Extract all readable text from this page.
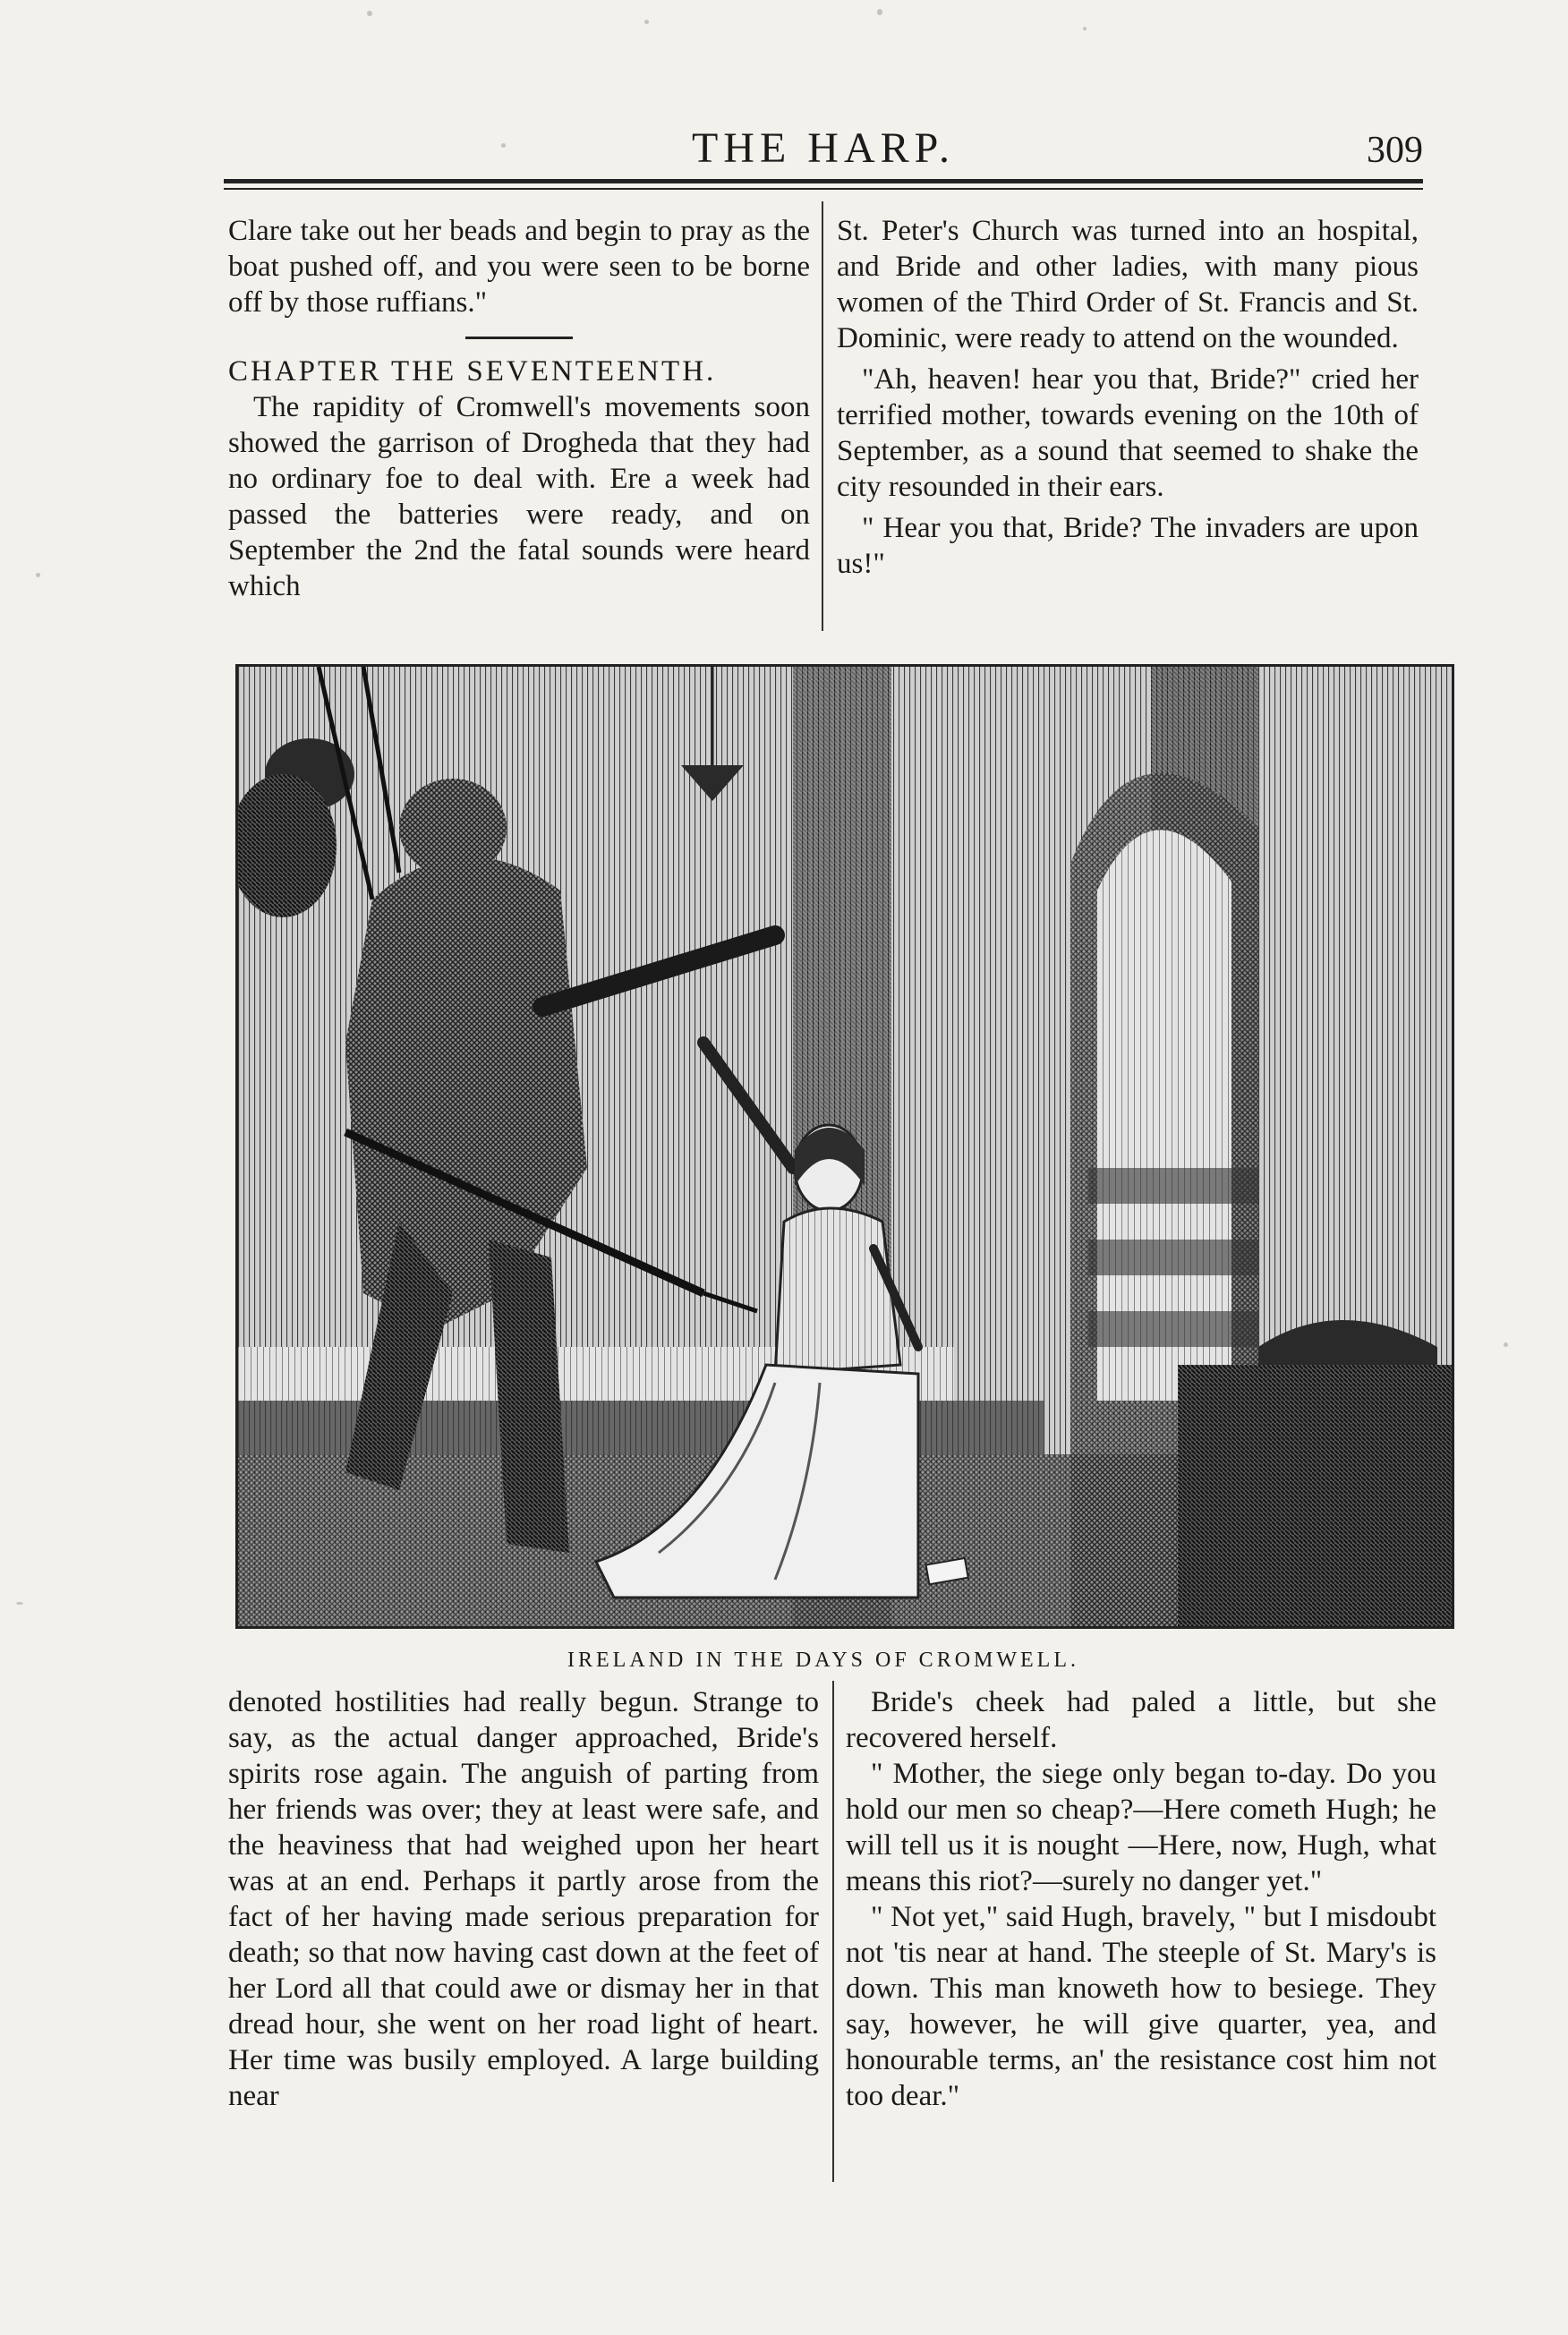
THE HARP.	309

Clare take out her beads and begin to pray as the boat pushed off, and you were seen to be borne off by those ruffians."

CHAPTER THE SEVENTEENTH.

The rapidity of Cromwell's movements soon showed the garrison of Drogheda that they had no ordinary foe to deal with. Ere a week had passed the batteries were ready, and on September the 2nd the fatal sounds were heard which

St. Peter's Church was turned into an hospital, and Bride and other ladies, with many pious women of the Third Order of St. Francis and St. Dominic, were ready to attend on the wounded.

"Ah, heaven! hear you that, Bride?" cried her terrified mother, towards evening on the 10th of September, as a sound that seemed to shake the city resounded in their ears.

" Hear you that, Bride? The invaders are upon us!"

IRELAND IN THE DAYS OF CROMWELL.

denoted hostilities had really begun. Strange to say, as the actual danger approached, Bride's spirits rose again. The anguish of parting from her friends was over; they at least were safe, and the heaviness that had weighed upon her heart was at an end. Perhaps it partly arose from the fact of her having made serious preparation for death; so that now having cast down at the feet of her Lord all that could awe or dismay her in that dread hour, she went on her road light of heart. Her time was busily employed. A large building near

Bride's cheek had paled a little, but she recovered herself.

" Mother, the siege only began to-day. Do you hold our men so cheap?—Here cometh Hugh; he will tell us it is nought —Here, now, Hugh, what means this riot?—surely no danger yet."

" Not yet," said Hugh, bravely, " but I misdoubt not 'tis near at hand. The steeple of St. Mary's is down. This man knoweth how to besiege. They say, however, he will give quarter, yea, and honourable terms, an' the resistance cost him not too dear."
